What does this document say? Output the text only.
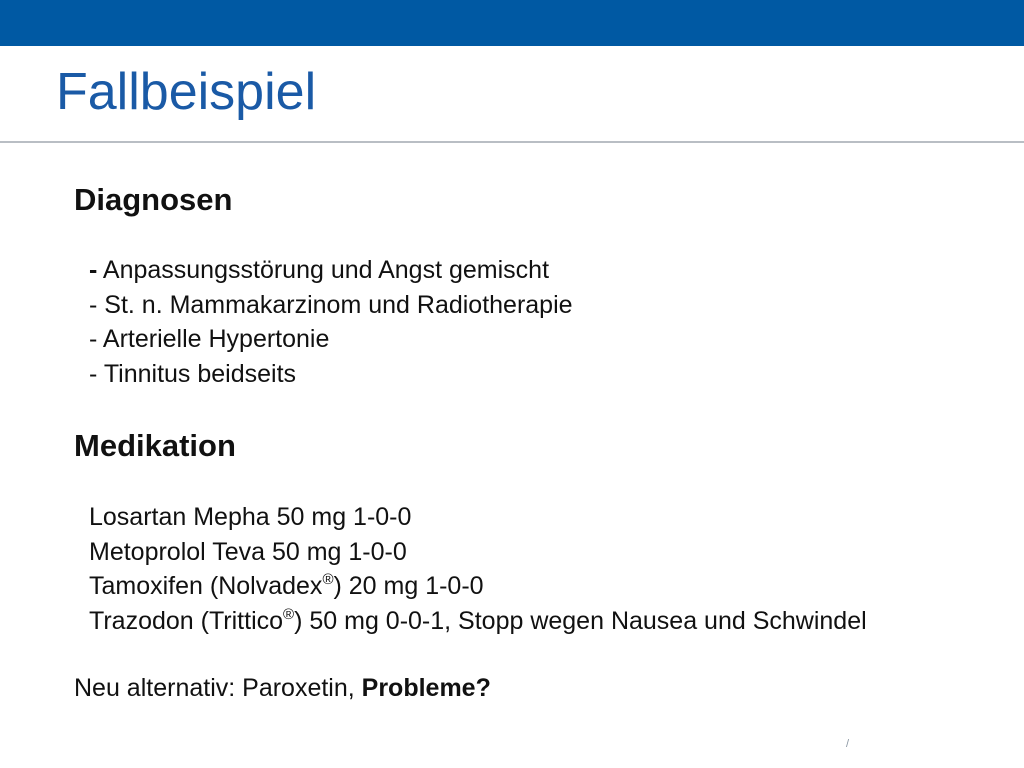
Fallbeispiel
Diagnosen
- Anpassungsstörung und Angst gemischt
- St. n. Mammakarzinom und Radiotherapie
- Arterielle Hypertonie
- Tinnitus beidseits
Medikation
Losartan Mepha 50 mg 1-0-0
Metoprolol Teva 50 mg 1-0-0
Tamoxifen (Nolvadex®) 20 mg 1-0-0
Trazodon (Trittico®) 50 mg 0-0-1, Stopp wegen Nausea und Schwindel
Neu alternativ: Paroxetin, Probleme?
/
